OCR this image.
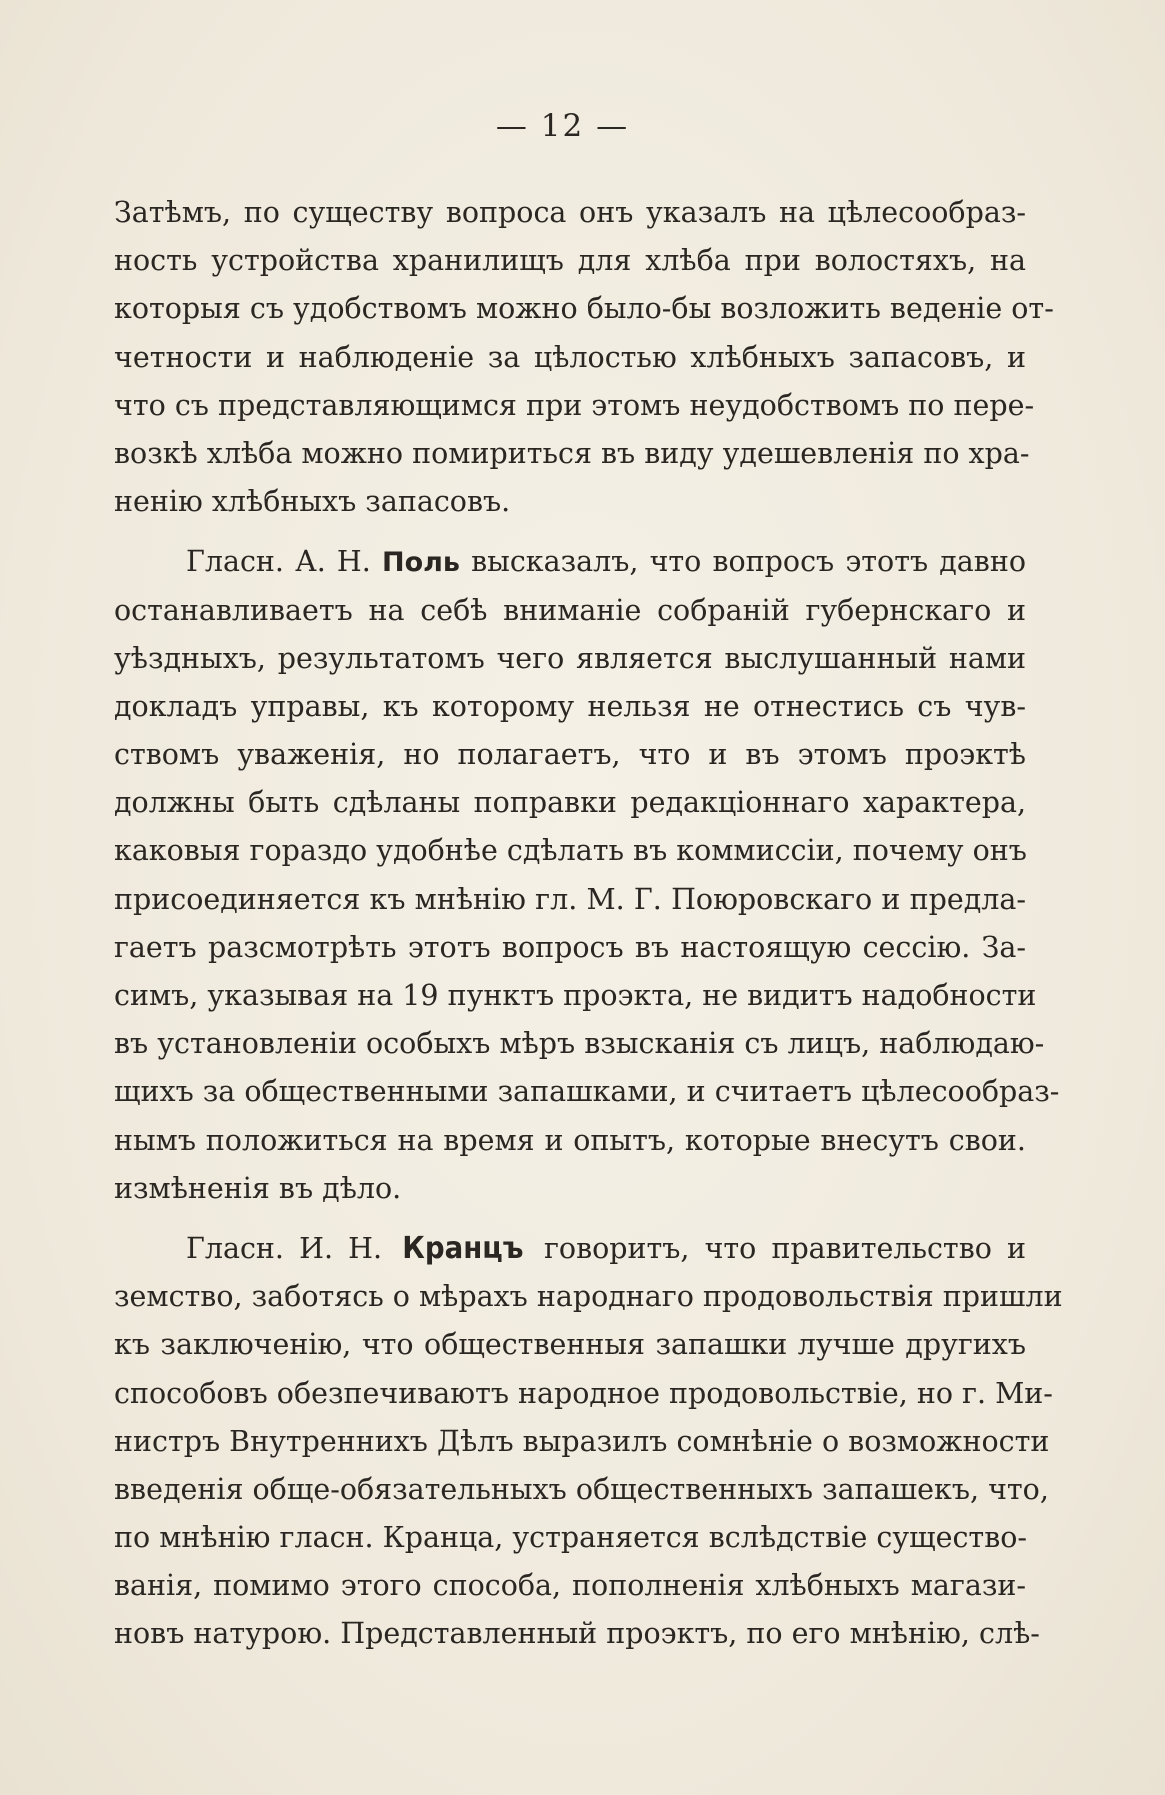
— 12 —
Затѣмъ, по существу вопроса онъ указалъ на цѣлесообраз-
ность устройства хранилищъ для хлѣба при волостяхъ, на
которыя съ удобствомъ можно было-бы возложить веденіе от-
четности и наблюденіе за цѣлостью хлѣбныхъ запасовъ, и
что съ представляющимся при этомъ неудобствомъ по пере-
возкѣ хлѣба можно помириться въ виду удешевленія по хра-
ненію хлѣбныхъ запасовъ.
Гласн. А. Н. Поль высказалъ, что вопросъ этотъ давно
останавливаетъ на себѣ вниманіе собраній губернскаго и
уѣздныхъ, результатомъ чего является выслушанный нами
докладъ управы, къ которому нельзя не отнестись съ чув-
ствомъ уваженія, но полагаетъ, что и въ этомъ проэктѣ
должны быть сдѣланы поправки редакціоннаго характера,
каковыя гораздо удобнѣе сдѣлать въ коммиссіи, почему онъ
присоединяется къ мнѣнію гл. М. Г. Поюровскаго и предла-
гаетъ разсмотрѣть этотъ вопросъ въ настоящую сессію. За-
симъ, указывая на 19 пунктъ проэкта, не видитъ надобности
въ установленіи особыхъ мѣръ взысканія съ лицъ, наблюдаю-
щихъ за общественными запашками, и считаетъ цѣлесообраз-
нымъ положиться на время и опытъ, которые внесутъ свои.
измѣненія въ дѣло.
Гласн. И. Н. Кранцъ говоритъ, что правительство и
земство, заботясь о мѣрахъ народнаго продовольствія пришли
къ заключенію, что общественныя запашки лучше другихъ
способовъ обезпечиваютъ народное продовольствіе, но г. Ми-
нистръ Внутреннихъ Дѣлъ выразилъ сомнѣніе о возможности
введенія обще-обязательныхъ общественныхъ запашекъ, что,
по мнѣнію гласн. Кранца, устраняется вслѣдствіе существо-
ванія, помимо этого способа, пополненія хлѣбныхъ магази-
новъ натурою. Представленный проэктъ, по его мнѣнію, слѣ-
